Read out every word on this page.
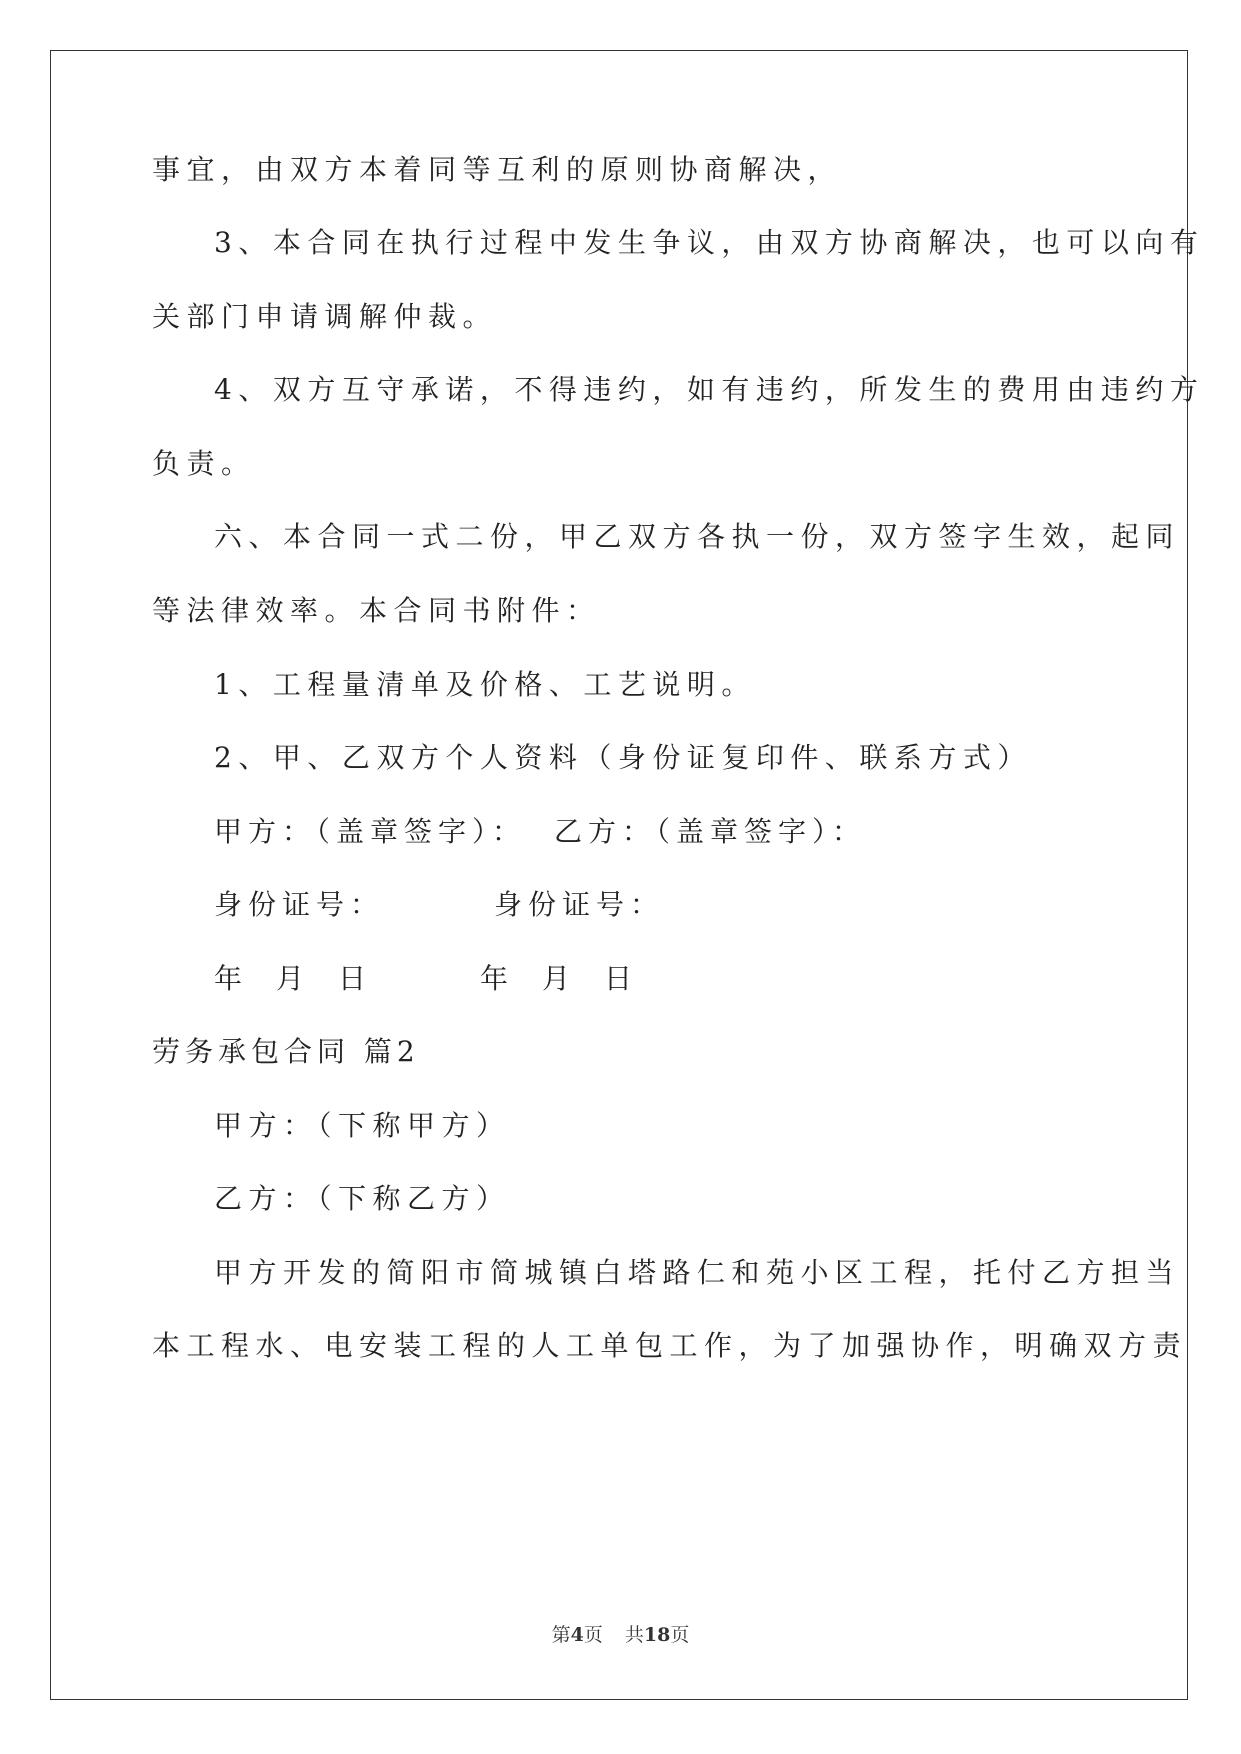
事宜，由双方本着同等互利的原则协商解决，
3、本合同在执行过程中发生争议，由双方协商解决，也可以向有
关部门申请调解仲裁。
4、双方互守承诺，不得违约，如有违约，所发生的费用由违约方
负责。
六、本合同一式二份，甲乙双方各执一份，双方签字生效，起同
等法律效率。本合同书附件：
1、工程量清单及价格、工艺说明。
2、甲、乙双方个人资料（身份证复印件、联系方式）
甲方：（盖章签字）： 乙方：（盖章签字）：
身份证号：	身份证号：
年 月 日	年 月 日
劳务承包合同 篇2
甲方：（下称甲方）
乙方：（下称乙方）
甲方开发的简阳市简城镇白塔路仁和苑小区工程，托付乙方担当
本工程水、电安装工程的人工单包工作，为了加强协作，明确双方责
第4页 共18页
